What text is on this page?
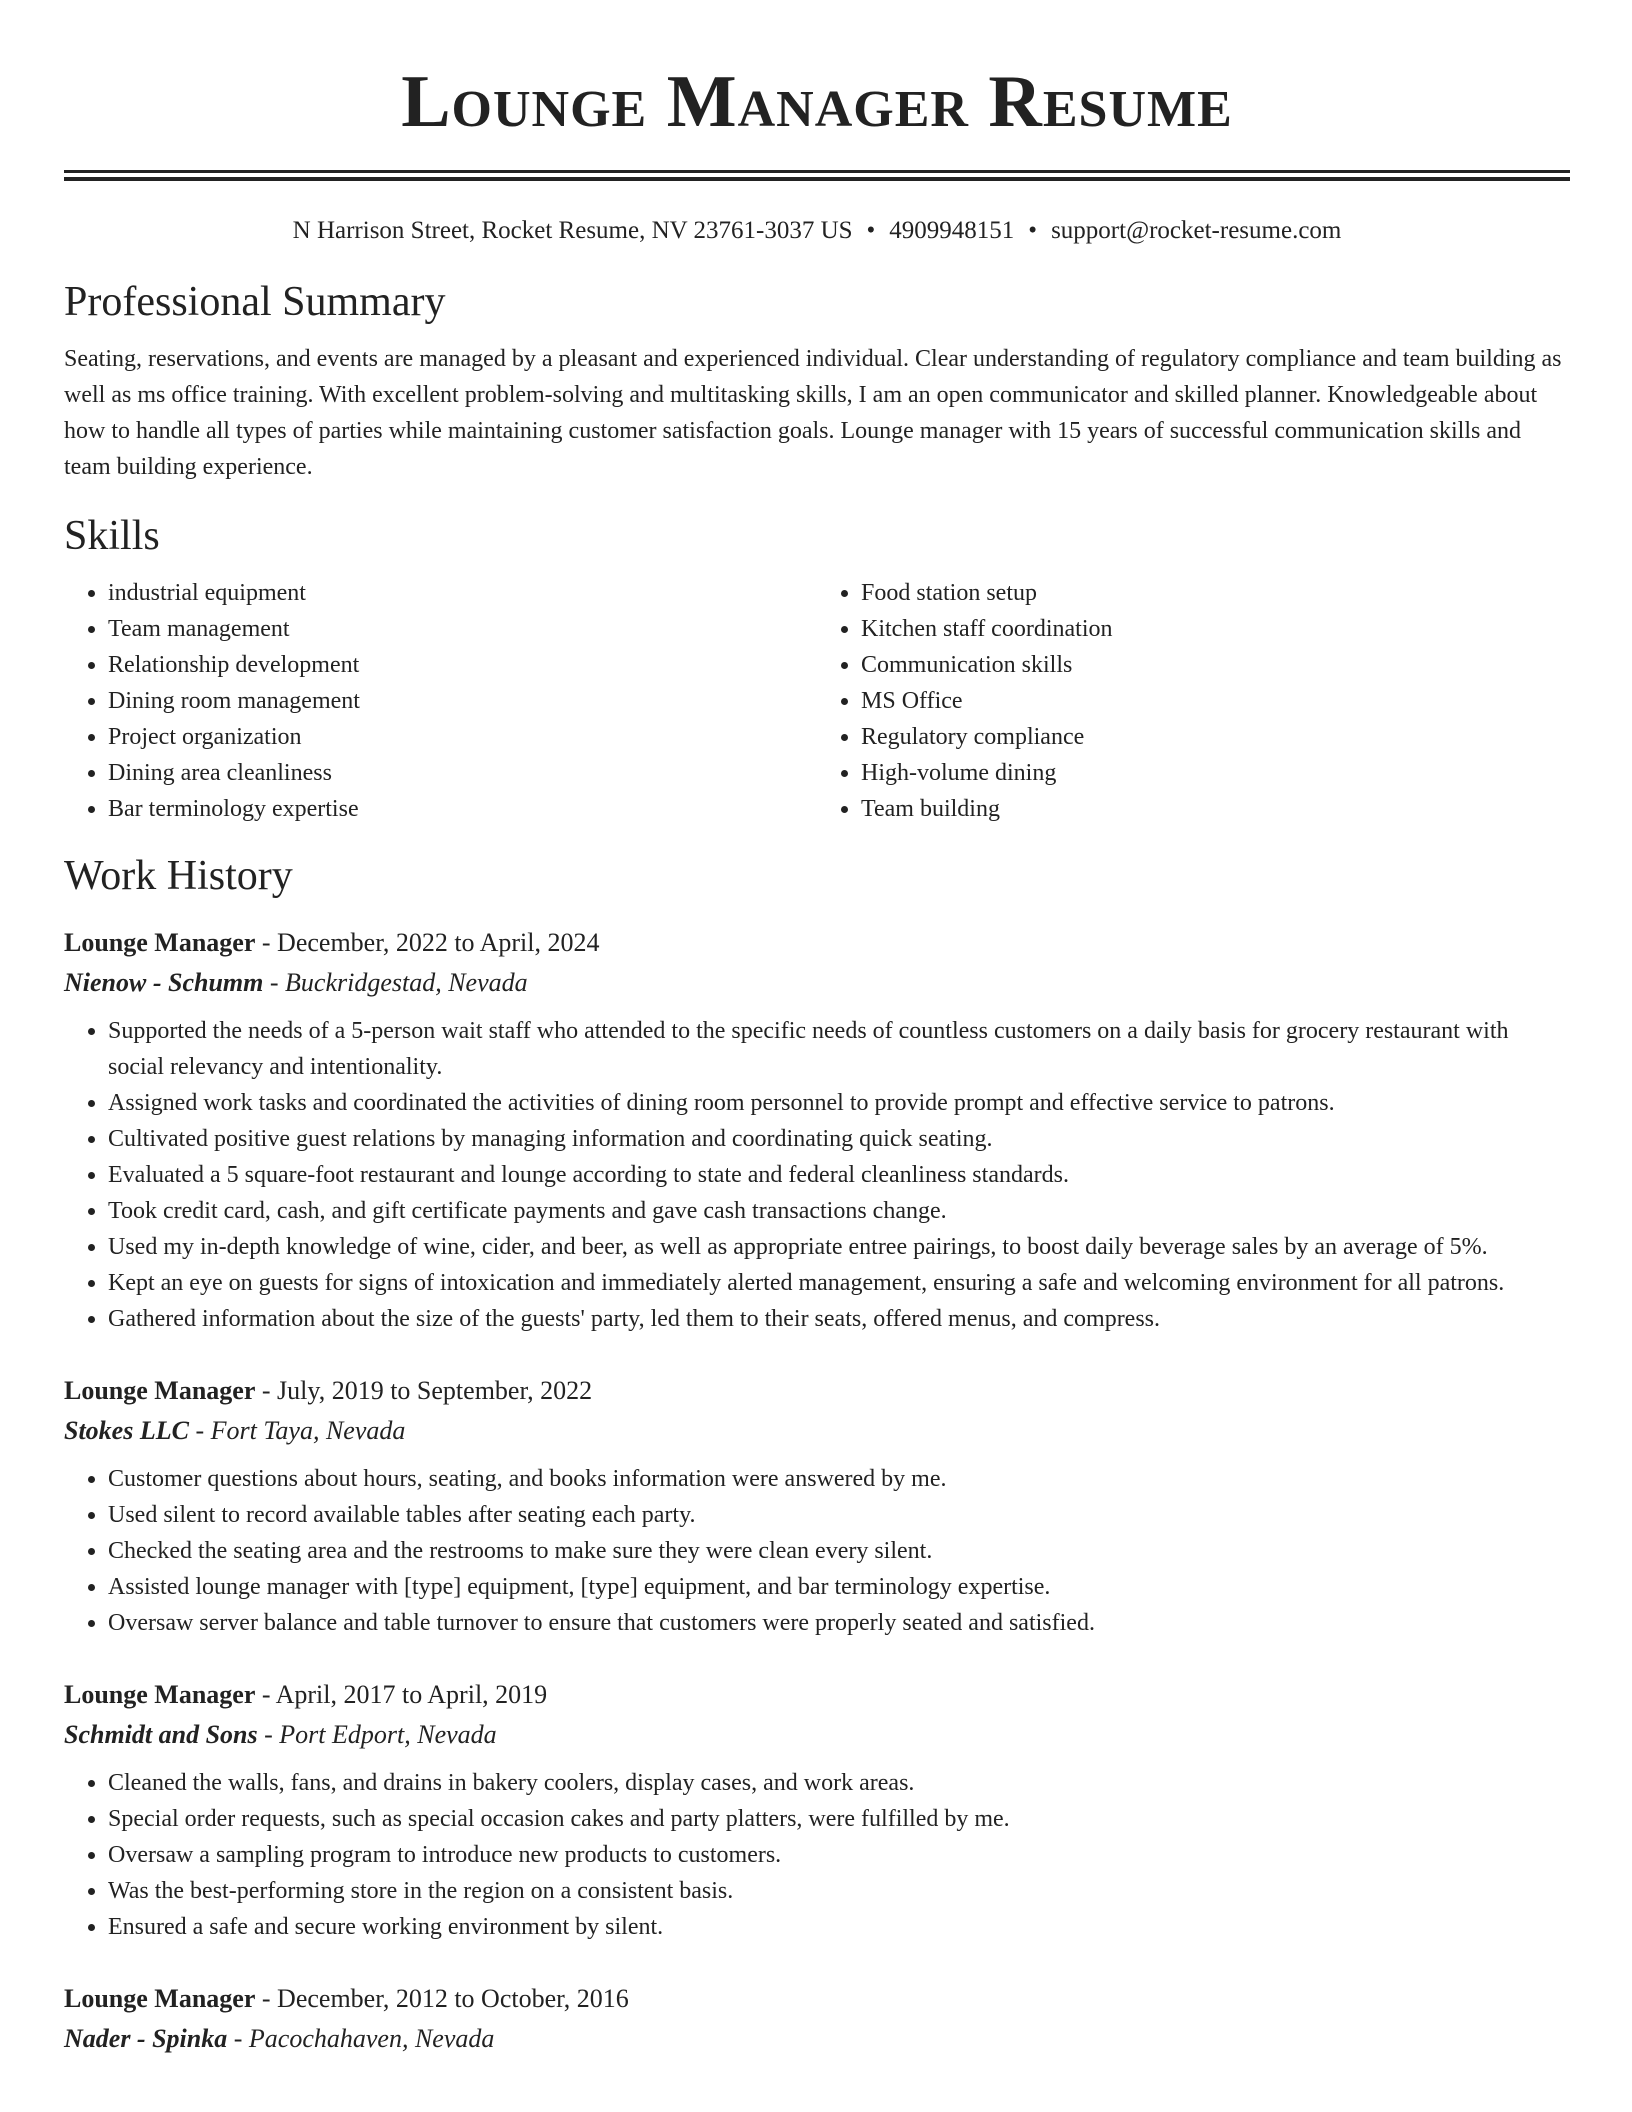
Lounge Manager Resume
N Harrison Street, Rocket Resume, NV 23761-3037 US • 4909948151 • support@rocket-resume.com
Professional Summary
Seating, reservations, and events are managed by a pleasant and experienced individual. Clear understanding of regulatory compliance and team building as well as ms office training. With excellent problem-solving and multitasking skills, I am an open communicator and skilled planner. Knowledgeable about how to handle all types of parties while maintaining customer satisfaction goals. Lounge manager with 15 years of successful communication skills and team building experience.
Skills
• industrial equipment
• Team management
• Relationship development
• Dining room management
• Project organization
• Dining area cleanliness
• Bar terminology expertise
• Food station setup
• Kitchen staff coordination
• Communication skills
• MS Office
• Regulatory compliance
• High-volume dining
• Team building
Work History
Lounge Manager - December, 2022 to April, 2024
Nienow - Schumm - Buckridgestad, Nevada
• Supported the needs of a 5-person wait staff who attended to the specific needs of countless customers on a daily basis for grocery restaurant with social relevancy and intentionality.
• Assigned work tasks and coordinated the activities of dining room personnel to provide prompt and effective service to patrons.
• Cultivated positive guest relations by managing information and coordinating quick seating.
• Evaluated a 5 square-foot restaurant and lounge according to state and federal cleanliness standards.
• Took credit card, cash, and gift certificate payments and gave cash transactions change.
• Used my in-depth knowledge of wine, cider, and beer, as well as appropriate entree pairings, to boost daily beverage sales by an average of 5%.
• Kept an eye on guests for signs of intoxication and immediately alerted management, ensuring a safe and welcoming environment for all patrons.
• Gathered information about the size of the guests' party, led them to their seats, offered menus, and compress.
Lounge Manager - July, 2019 to September, 2022
Stokes LLC - Fort Taya, Nevada
• Customer questions about hours, seating, and books information were answered by me.
• Used silent to record available tables after seating each party.
• Checked the seating area and the restrooms to make sure they were clean every silent.
• Assisted lounge manager with [type] equipment, [type] equipment, and bar terminology expertise.
• Oversaw server balance and table turnover to ensure that customers were properly seated and satisfied.
Lounge Manager - April, 2017 to April, 2019
Schmidt and Sons - Port Edport, Nevada
• Cleaned the walls, fans, and drains in bakery coolers, display cases, and work areas.
• Special order requests, such as special occasion cakes and party platters, were fulfilled by me.
• Oversaw a sampling program to introduce new products to customers.
• Was the best-performing store in the region on a consistent basis.
• Ensured a safe and secure working environment by silent.
Lounge Manager - December, 2012 to October, 2016
Nader - Spinka - Pacochahaven, Nevada
